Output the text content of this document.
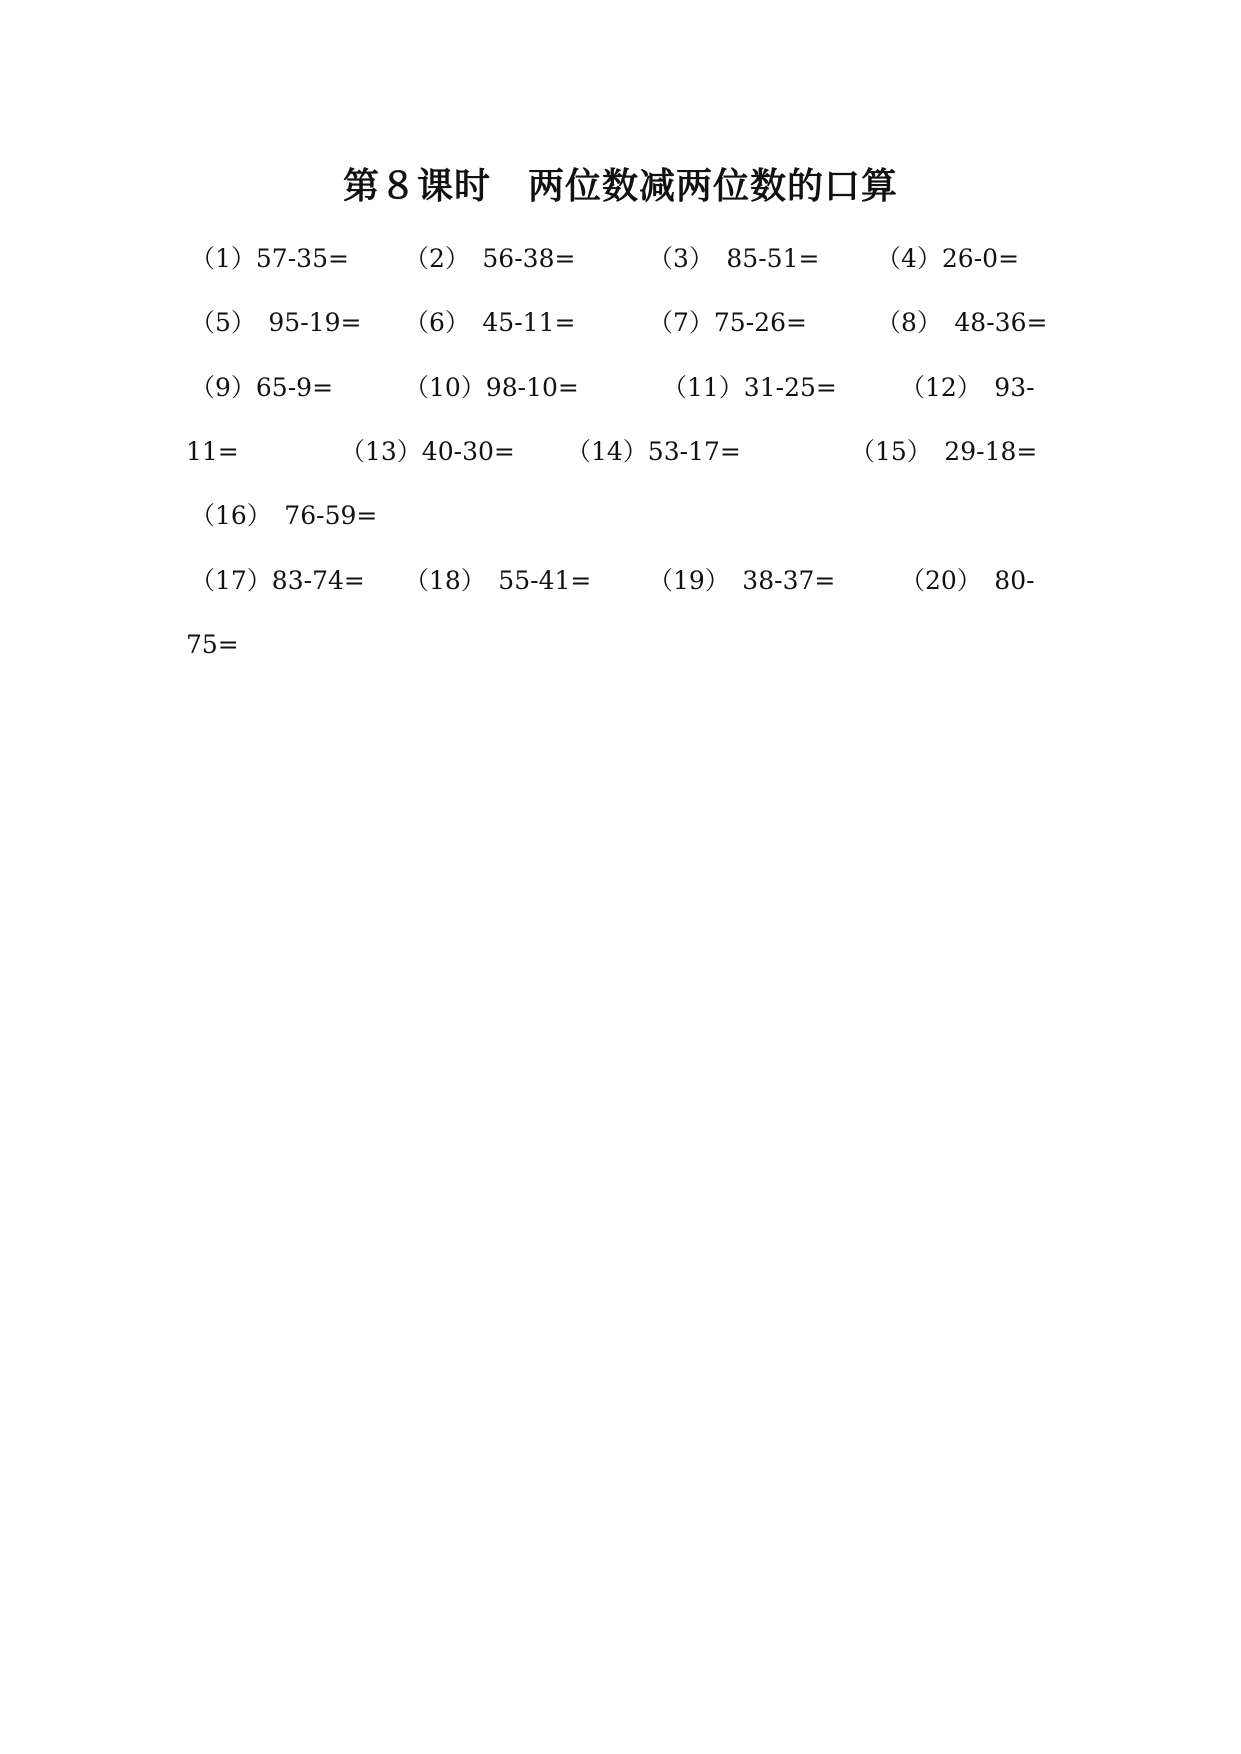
第８课时　两位数减两位数的口算
（1）57-35= （2）　56-38=	（3）　85-51= （4）26-0=
（5）　95-19= （6）　45-11=	（7）75-26=	（8）　48-36=
（9）65-9=	（10）98-10=	（11）31-25=	（12）　93-
11=	（13）40-30= （14）53-17=	（15）　29-18=
（16）　76-59=
（17）83-74= （18）　55-41= （19）　38-37=	（20）　80-
75=
